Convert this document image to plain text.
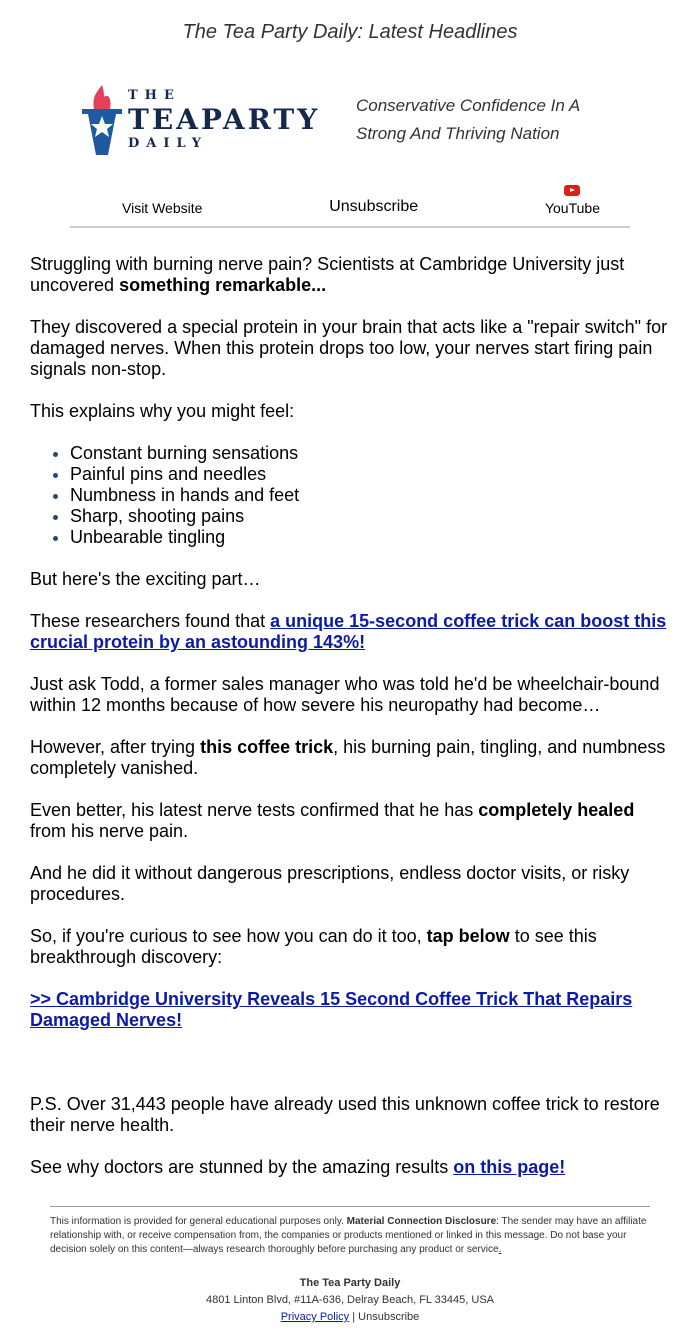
The Tea Party Daily: Latest Headlines
THE
TEAPARTY
DAILY
Conservative Confidence In A
Strong And Thriving Nation
Visit Website	Unsubscribe	YouTube

Struggling with burning nerve pain? Scientists at Cambridge University just uncovered something remarkable...

They discovered a special protein in your brain that acts like a "repair switch" for damaged nerves. When this protein drops too low, your nerves start firing pain signals non-stop.

This explains why you might feel:

• Constant burning sensations
• Painful pins and needles
• Numbness in hands and feet
• Sharp, shooting pains
• Unbearable tingling

But here's the exciting part…

These researchers found that a unique 15-second coffee trick can boost this crucial protein by an astounding 143%!

Just ask Todd, a former sales manager who was told he'd be wheelchair-bound within 12 months because of how severe his neuropathy had become…

However, after trying this coffee trick, his burning pain, tingling, and numbness completely vanished.

Even better, his latest nerve tests confirmed that he has completely healed from his nerve pain.

And he did it without dangerous prescriptions, endless doctor visits, or risky procedures.

So, if you're curious to see how you can do it too, tap below to see this breakthrough discovery:

>> Cambridge University Reveals 15 Second Coffee Trick That Repairs Damaged Nerves!

P.S. Over 31,443 people have already used this unknown coffee trick to restore their nerve health.

See why doctors are stunned by the amazing results on this page!

This information is provided for general educational purposes only. Material Connection Disclosure: The sender may have an affiliate relationship with, or receive compensation from, the companies or products mentioned or linked in this message. Do not base your decision solely on this content—always research thoroughly before purchasing any product or service.
The Tea Party Daily
4801 Linton Blvd, #11A-636, Delray Beach, FL 33445, USA
Privacy Policy | Unsubscribe
